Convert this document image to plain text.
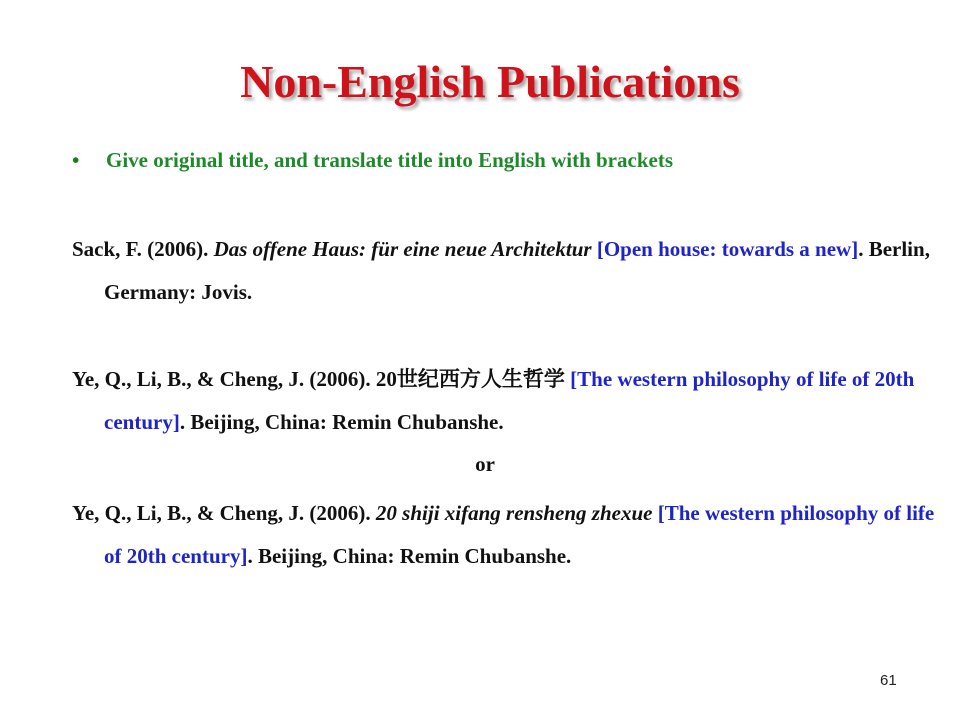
Non-English Publications
• Give original title, and translate title into English with brackets
Sack, F. (2006). Das offene Haus: für eine neue Architektur [Open house: towards a new]. Berlin, Germany: Jovis.
Ye, Q., Li, B., & Cheng, J. (2006). 20世纪西方人生哲学 [The western philosophy of life of 20th century]. Beijing, China: Remin Chubanshe.
or
Ye, Q., Li, B., & Cheng, J. (2006). 20 shiji xifang rensheng zhexue [The western philosophy of life of 20th century]. Beijing, China: Remin Chubanshe.
61
